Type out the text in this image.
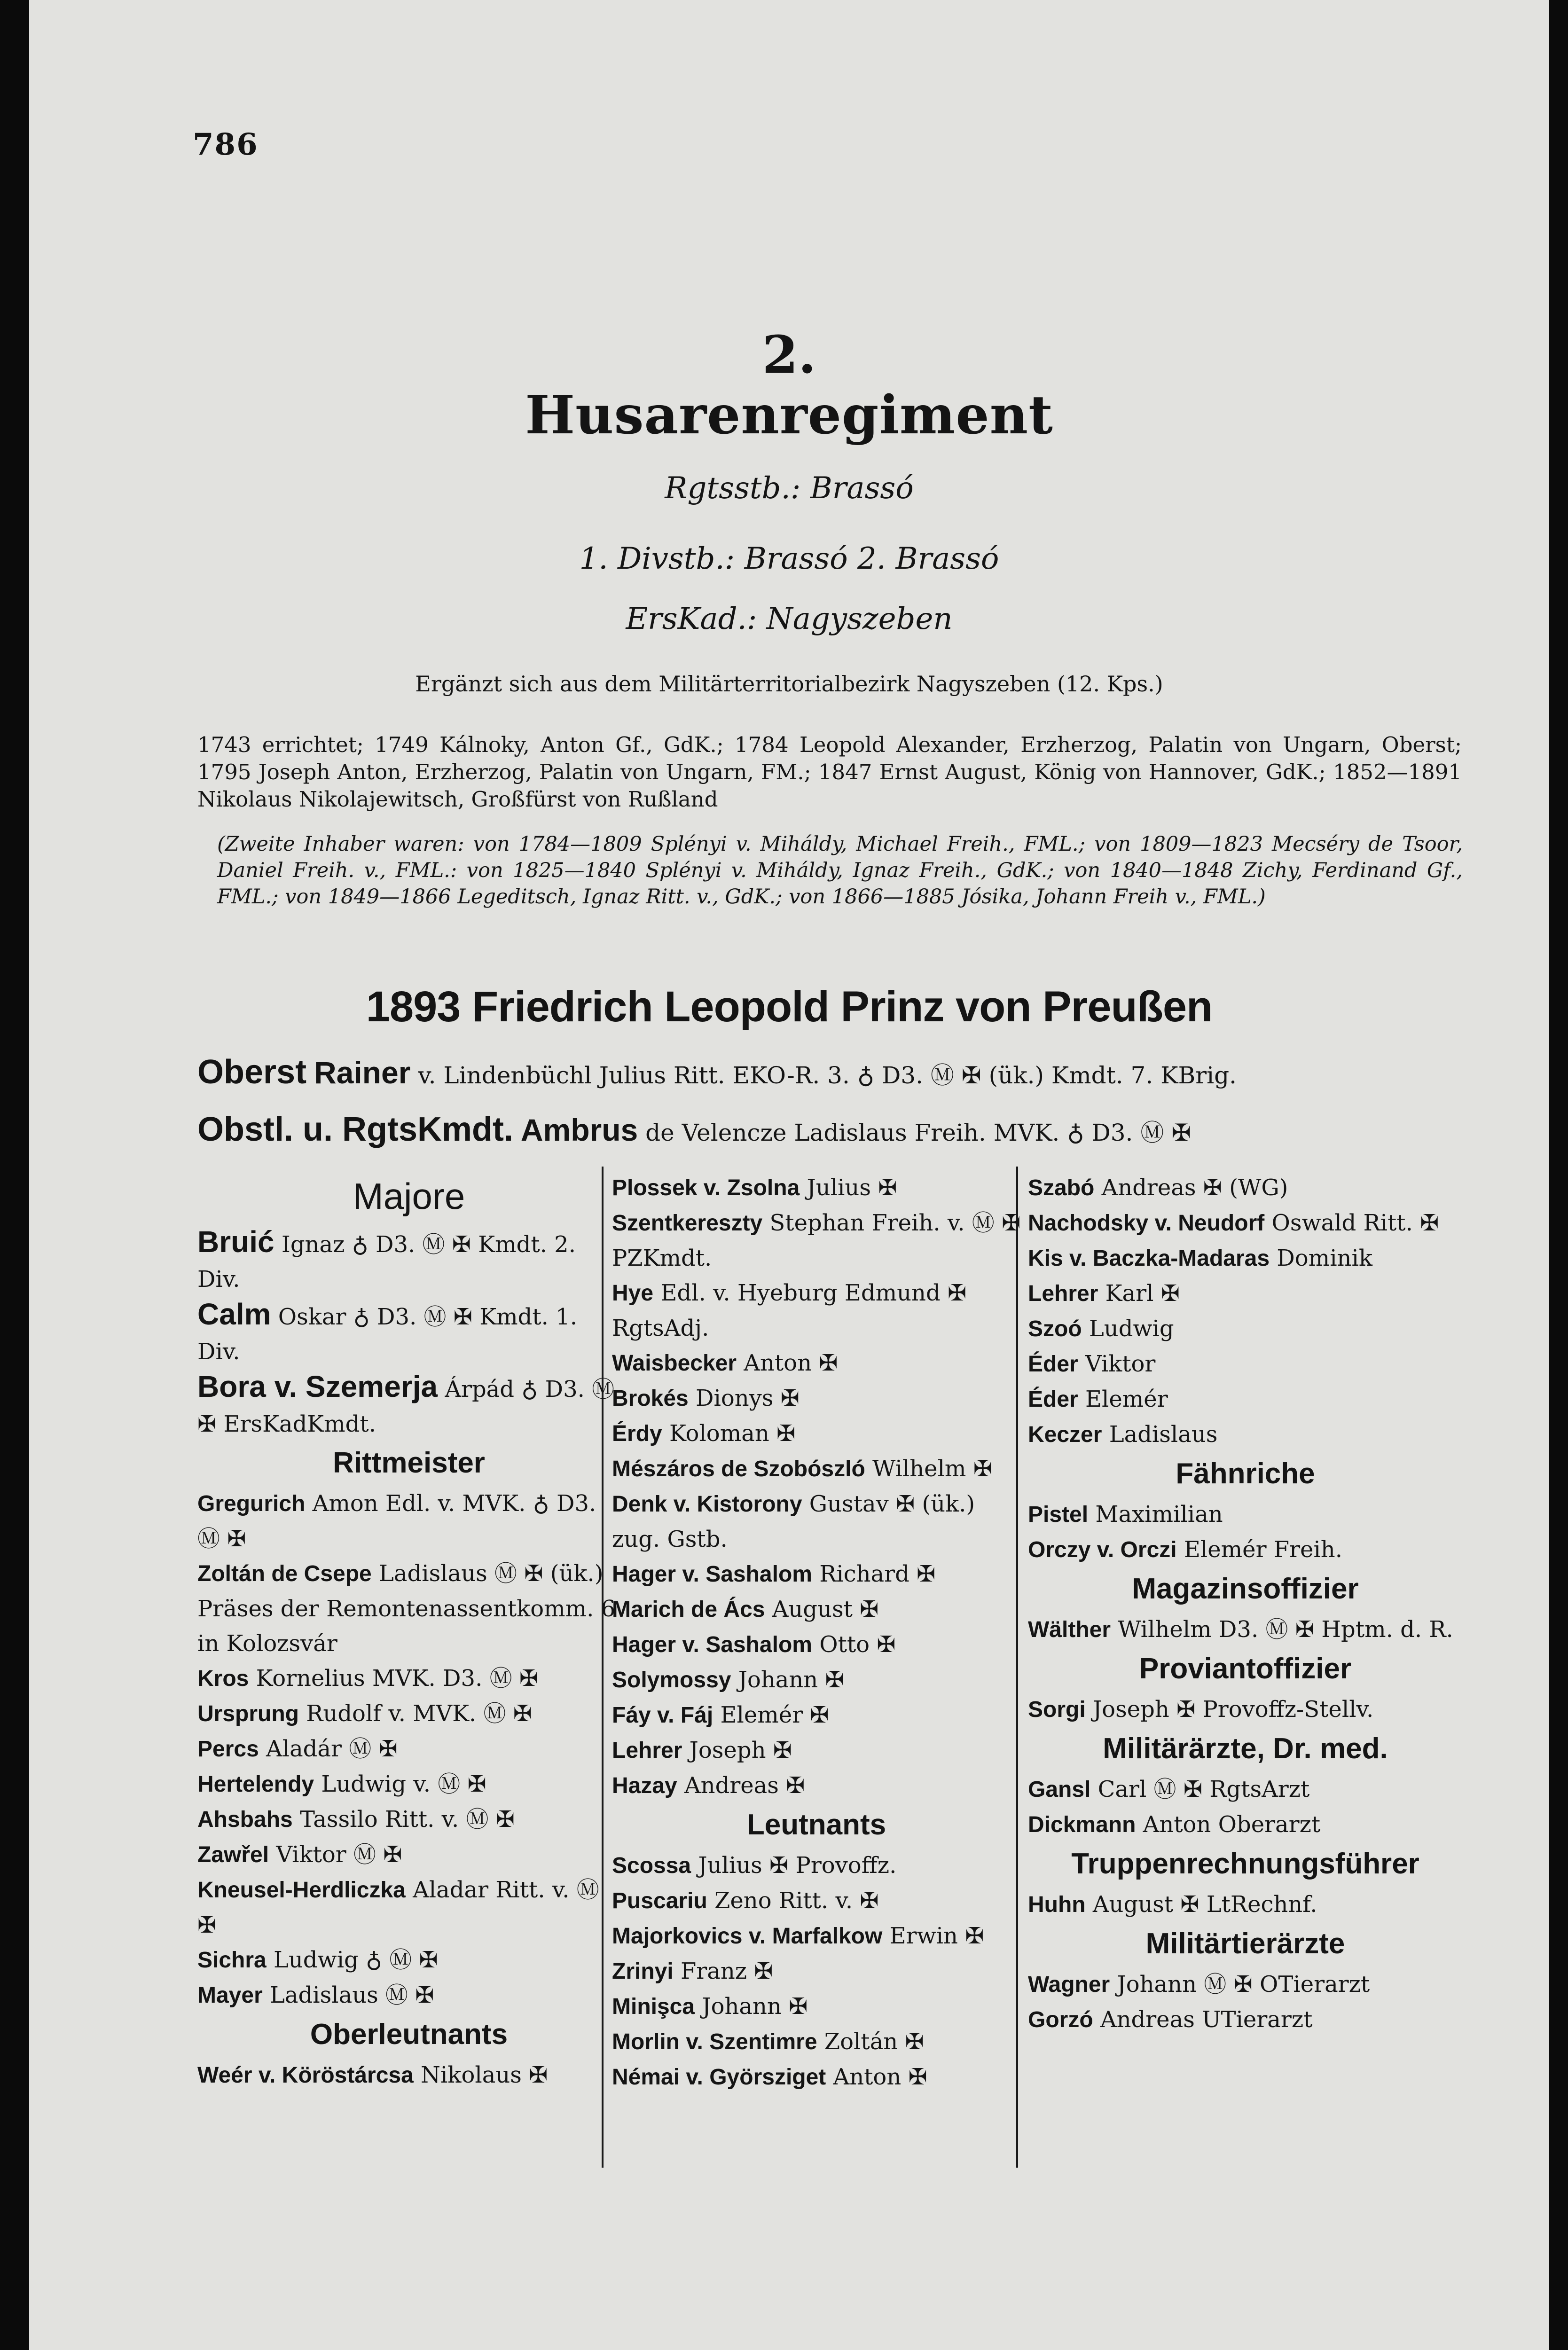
786
2.
Husarenregiment
Rgtsstb.: Brassó
1. Divstb.: Brassó 2. Brassó
ErsKad.: Nagyszeben
Ergänzt sich aus dem Militärterritorialbezirk Nagyszeben (12. Kps.)
1743 errichtet; 1749 Kálnoky, Anton Gf., GdK.; 1784 Leopold Alexander, Erzherzog, Palatin von Ungarn, Oberst; 1795 Joseph Anton, Erzherzog, Palatin von Ungarn, FM.; 1847 Ernst August, König von Hannover, GdK.; 1852—1891 Nikolaus Nikolajewitsch, Großfürst von Rußland
(Zweite Inhaber waren: von 1784—1809 Splényi v. Miháldy, Michael Freih., FML.; von 1809—1823 Mecséry de Tsoor, Daniel Freih. v., FML.: von 1825—1840 Splényi v. Miháldy, Ignaz Freih., GdK.; von 1840—1848 Zichy, Ferdinand Gf., FML.; von 1849—1866 Legeditsch, Ignaz Ritt. v., GdK.; von 1866—1885 Jósika, Johann Freih v., FML.)
1893 Friedrich Leopold Prinz von Preußen
Oberst Rainer v. Lindenbüchl Julius Ritt. EKO-R. 3. ♁ D3. Ⓜ ✠ (ük.) Kmdt. 7. KBrig.
Obstl. u. RgtsKmdt. Ambrus de Velencze Ladislaus Freih. MVK. ♁ D3. Ⓜ ✠
Majore
Bruić Ignaz ♁ D3. Ⓜ ✠ Kmdt. 2. Div.
Calm Oskar ♁ D3. Ⓜ ✠ Kmdt. 1. Div.
Bora v. Szemerja Árpád ♁ D3. Ⓜ ✠ ErsKadKmdt.
Rittmeister
Gregurich Amon Edl. v. MVK. ♁ D3. Ⓜ ✠
Zoltán de Csepe Ladislaus Ⓜ ✠ (ük.) Präses der Remontenassentkomm. 6 in Kolozsvár
Kros Kornelius MVK. D3. Ⓜ ✠
Ursprung Rudolf v. MVK. Ⓜ ✠
Percs Aladár Ⓜ ✠
Hertelendy Ludwig v. Ⓜ ✠
Ahsbahs Tassilo Ritt. v. Ⓜ ✠
Zawřel Viktor Ⓜ ✠
Kneusel-Herdliczka Aladar Ritt. v. Ⓜ ✠
Sichra Ludwig ♁ Ⓜ ✠
Mayer Ladislaus Ⓜ ✠
Oberleutnants
Weér v. Köröstárcsa Nikolaus ✠
Plossek v. Zsolna Julius ✠
Szentkereszty Stephan Freih. v. Ⓜ ✠ PZKmdt.
Hye Edl. v. Hyeburg Edmund ✠ RgtsAdj.
Waisbecker Anton ✠
Brokés Dionys ✠
Érdy Koloman ✠
Mészáros de Szobószló Wilhelm ✠
Denk v. Kistorony Gustav ✠ (ük.) zug. Gstb.
Hager v. Sashalom Richard ✠
Marich de Ács August ✠
Hager v. Sashalom Otto ✠
Solymossy Johann ✠
Fáy v. Fáj Elemér ✠
Lehrer Joseph ✠
Hazay Andreas ✠
Leutnants
Scossa Julius ✠ Provoffz.
Puscariu Zeno Ritt. v. ✠
Majorkovics v. Marfalkow Erwin ✠
Zrinyi Franz ✠
Minişca Johann ✠
Morlin v. Szentimre Zoltán ✠
Némai v. Györsziget Anton ✠
Szabó Andreas ✠ (WG)
Nachodsky v. Neudorf Oswald Ritt. ✠
Kis v. Baczka-Madaras Dominik
Lehrer Karl ✠
Szoó Ludwig
Éder Viktor
Éder Elemér
Keczer Ladislaus
Fähnriche
Pistel Maximilian
Orczy v. Orczi Elemér Freih.
Magazinsoffizier
Wälther Wilhelm D3. Ⓜ ✠ Hptm. d. R.
Proviantoffizier
Sorgi Joseph ✠ Provoffz-Stellv.
Militärärzte, Dr. med.
Gansl Carl Ⓜ ✠ RgtsArzt
Dickmann Anton Oberarzt
Truppenrechnungsführer
Huhn August ✠ LtRechnf.
Militärtierärzte
Wagner Johann Ⓜ ✠ OTierarzt
Gorzó Andreas UTierarzt
